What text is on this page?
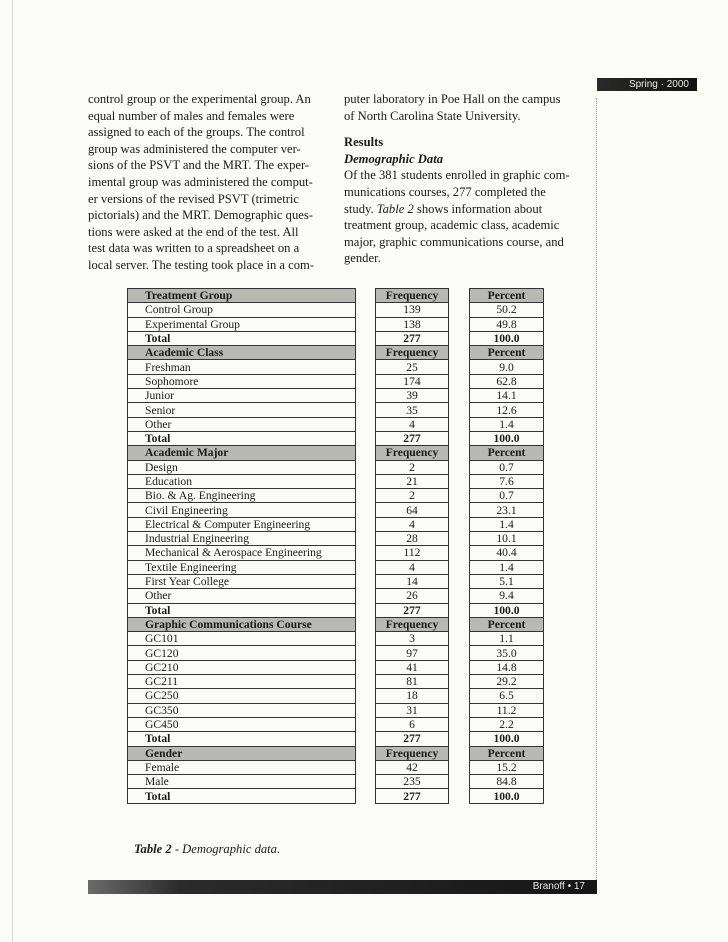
Spring · 2000

control group or the experimental group. An

equal number of males and females were

assigned to each of the groups. The control

group was administered the computer ver-

sions of the PSVT and the MRT. The exper-

imental group was administered the comput-

er versions of the revised PSVT (trimetric

pictorials) and the MRT. Demographic ques-

tions were asked at the end of the test. All

test data was written to a spreadsheet on a

local server. The testing took place in a com-

puter laboratory in Poe Hall on the campus

of North Carolina State University.

Results

Demographic Data

Of the 381 students enrolled in graphic com-

munications courses, 277 completed the

study. Table 2 shows information about

treatment group, academic class, academic

major, graphic communications course, and

gender.

Treatment Group		Frequency		Percent
Control Group		139		50.2
Experimental Group		138		49.8
Total		277		100.0
Academic Class		Frequency		Percent
Freshman		25		9.0
Sophomore		174		62.8
Junior		39		14.1
Senior		35		12.6
Other		4		1.4
Total		277		100.0
Academic Major		Frequency		Percent
Design		2		0.7
Education		21		7.6
Bio. & Ag. Engineering		2		0.7
Civil Engineering		64		23.1
Electrical & Computer Engineering		4		1.4
Industrial Engineering		28		10.1
Mechanical & Aerospace Engineering		112		40.4
Textile Engineering		4		1.4
First Year College		14		5.1
Other		26		9.4
Total		277		100.0
Graphic Communications Course		Frequency		Percent
GC101		3		1.1
GC120		97		35.0
GC210		41		14.8
GC211		81		29.2
GC250		18		6.5
GC350		31		11.2
GC450		6		2.2
Total		277		100.0
Gender		Frequency		Percent
Female		42		15.2
Male		235		84.8
Total		277		100.0
Table 2 - Demographic data.
Branoff • 17
